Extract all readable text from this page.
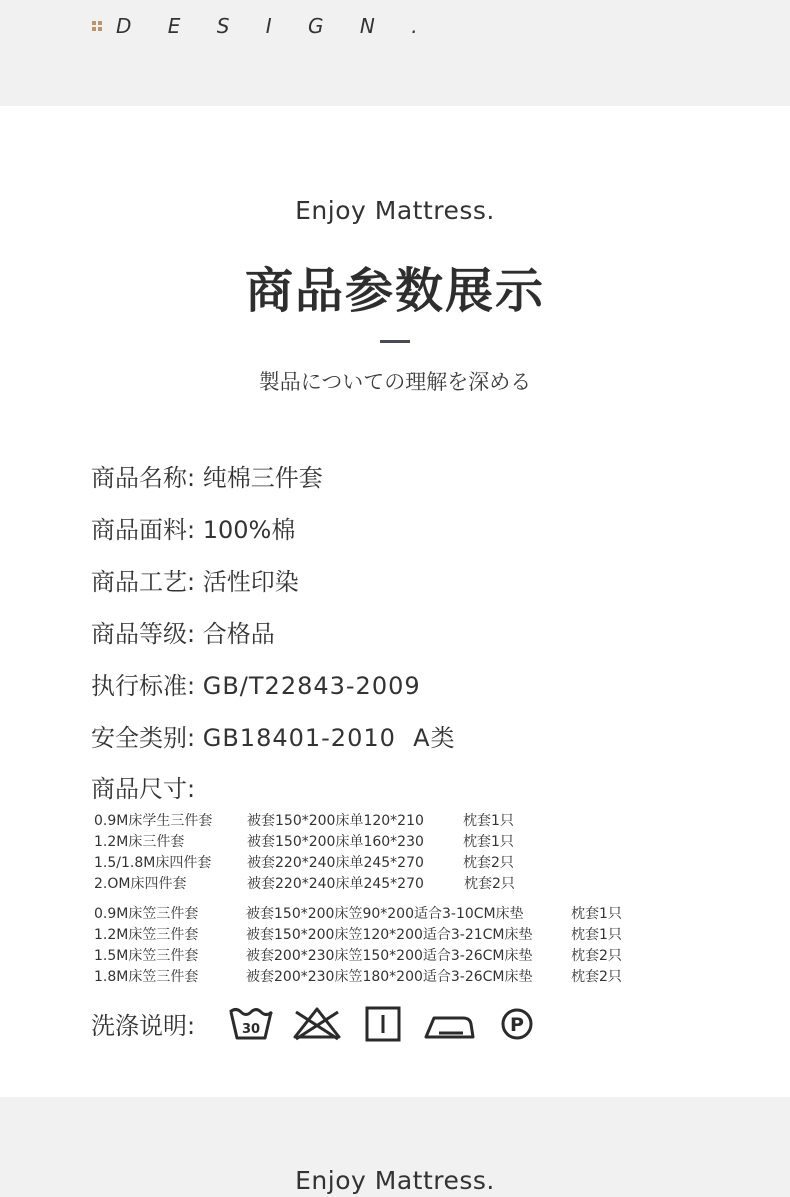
D E S I G N .
Enjoy Mattress.
商品参数展示
製品についての理解を深める
商品名称: 纯棉三件套
商品面料: 100%棉
商品工艺: 活性印染
商品等级: 合格品
执行标准: GB/T22843-2009
安全类别: GB18401-2010  A类
商品尺寸:
0.9M床学生三件套 被套150*200床单120*210	枕套1只
1.2M床三件套	被套150*200床单160*230	枕套1只
1.5/1.8M床四件套	被套220*240床单245*270	枕套2只
2.OM床四件套	被套220*240床单245*270	枕套2只
0.9M床笠三件套	被套150*200床笠90*200适合3-10CM床垫	枕套1只
1.2M床笠三件套	被套150*200床笠120*200适合3-21CM床垫	枕套1只
1.5M床笠三件套	被套200*230床笠150*200适合3-26CM床垫	枕套2只
1.8M床笠三件套	被套200*230床笠180*200适合3-26CM床垫	枕套2只
洗涤说明:	30	P
Enjoy Mattress.
